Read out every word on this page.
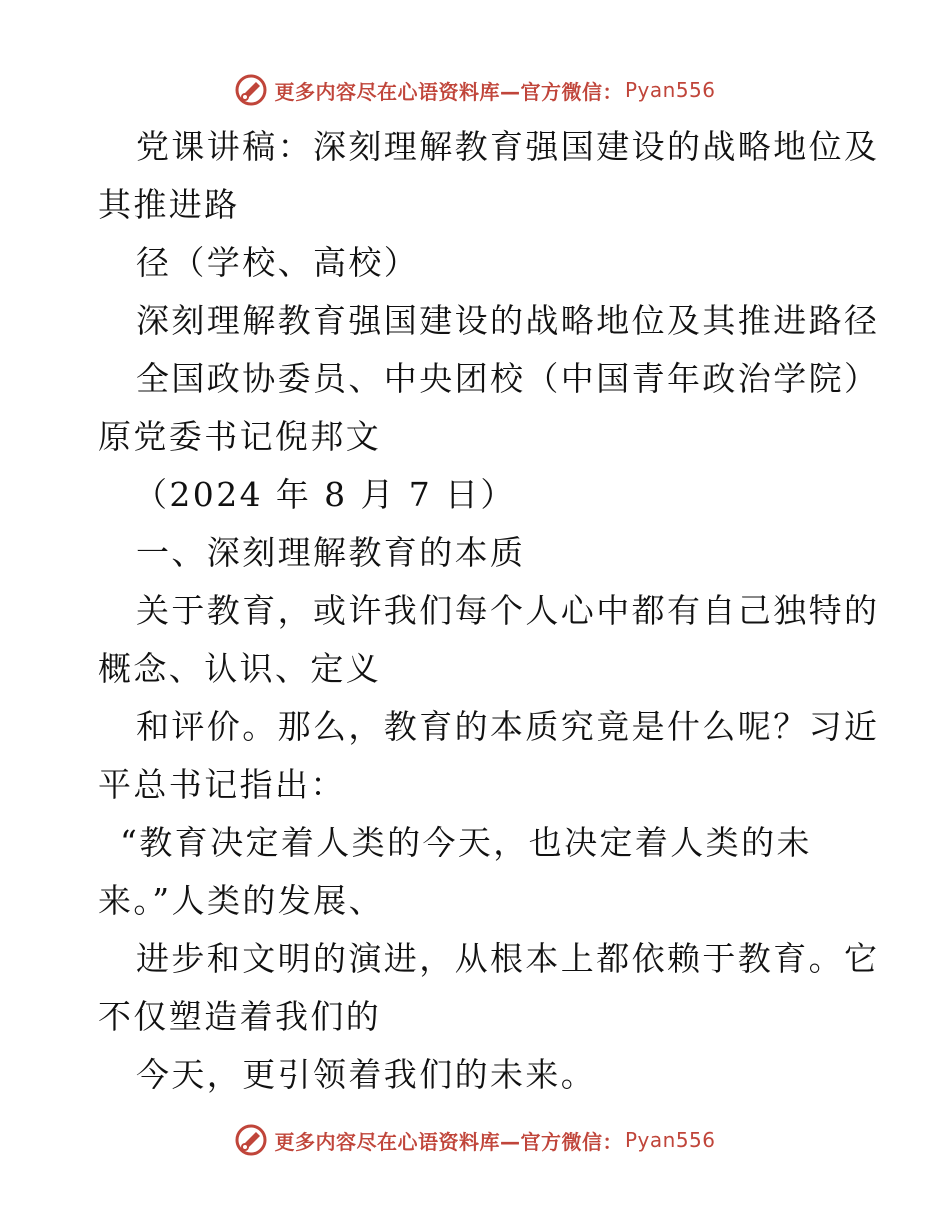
更多内容尽在心语资料库—官方微信： Pyan556
党课讲稿：深刻理解教育强国建设的战略地位及
其推进路
径（学校、高校）
深刻理解教育强国建设的战略地位及其推进路径
全国政协委员、中央团校（中国青年政治学院）
原党委书记倪邦文
（2024 年 8 月 7 日）
一、深刻理解教育的本质
关于教育，或许我们每个人心中都有自己独特的
概念、认识、定义
和评价。那么，教育的本质究竟是什么呢？习近
平总书记指出：
“教育决定着人类的今天，也决定着人类的未
来。”人类的发展、
进步和文明的演进，从根本上都依赖于教育。它
不仅塑造着我们的
今天，更引领着我们的未来。
更多内容尽在心语资料库—官方微信： Pyan556
